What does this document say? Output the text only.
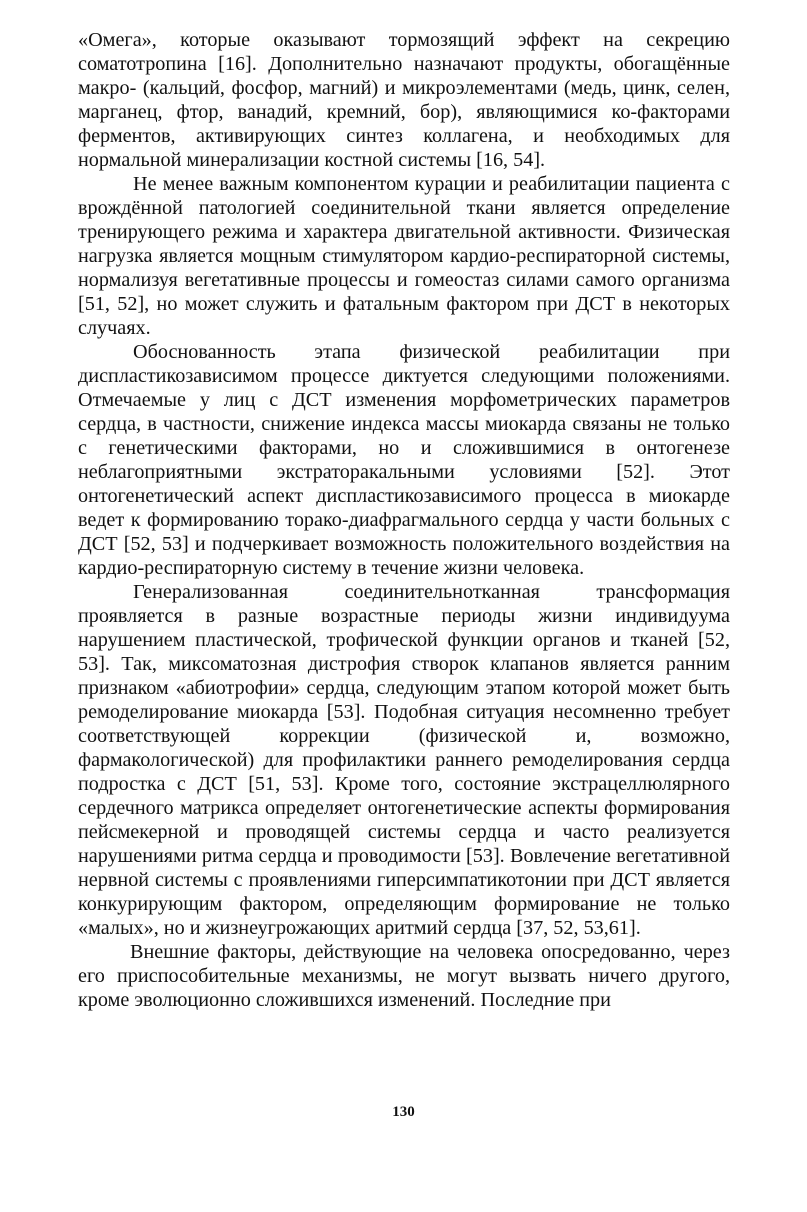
«Омега», которые оказывают тормозящий эффект на секрецию соматотропина [16]. Дополнительно назначают продукты, обогащённые макро- (кальций, фосфор, магний) и микроэлементами (медь, цинк, селен, марганец, фтор, ванадий, кремний, бор), являющимися ко-факторами ферментов, активирующих синтез коллагена, и необходимых для нормальной минерализации костной системы [16, 54].

Не менее важным компонентом курации и реабилитации пациента с врождённой патологией соединительной ткани является определение тренирующего режима и характера двигательной активности. Физическая нагрузка является мощным стимулятором кардио-респираторной системы, нормализуя вегетативные процессы и гомеостаз силами самого организма [51, 52], но может служить и фатальным фактором при ДСТ в некоторых случаях.

Обоснованность этапа физической реабилитации при диспластикозависимом процессе диктуется следующими положениями. Отмечаемые у лиц с ДСТ изменения морфометрических параметров сердца, в частности, снижение индекса массы миокарда связаны не только с генетическими факторами, но и сложившимися в онтогенезе неблагоприятными экстраторакальными условиями [52]. Этот онтогенетический аспект диспластикозависимого процесса в миокарде ведет к формированию торако-диафрагмального сердца у части больных с ДСТ [52, 53] и подчеркивает возможность положительного воздействия на кардио-респираторную систему в течение жизни человека.

Генерализованная соединительнотканная трансформация проявляется в разные возрастные периоды жизни индивидуума нарушением пластической, трофической функции органов и тканей [52, 53]. Так, миксоматозная дистрофия створок клапанов является ранним признаком «абиотрофии» сердца, следующим этапом которой может быть ремоделирование миокарда [53]. Подобная ситуация несомненно требует соответствующей коррекции (физической и, возможно, фармакологической) для профилактики раннего ремоделирования сердца подростка с ДСТ [51, 53]. Кроме того, состояние экстрацеллюлярного сердечного матрикса определяет онтогенетические аспекты формирования пейсмекерной и проводящей системы сердца и часто реализуется нарушениями ритма сердца и проводимости [53]. Вовлечение вегетативной нервной системы с проявлениями гиперсимпатикотонии при ДСТ является конкурирующим фактором, определяющим формирование не только «малых», но и жизнеугрожающих аритмий сердца [37, 52, 53,61].

Внешние факторы, действующие на человека опосредованно, через его приспособительные механизмы, не могут вызвать ничего другого, кроме эволюционно сложившихся изменений. Последние при

130
